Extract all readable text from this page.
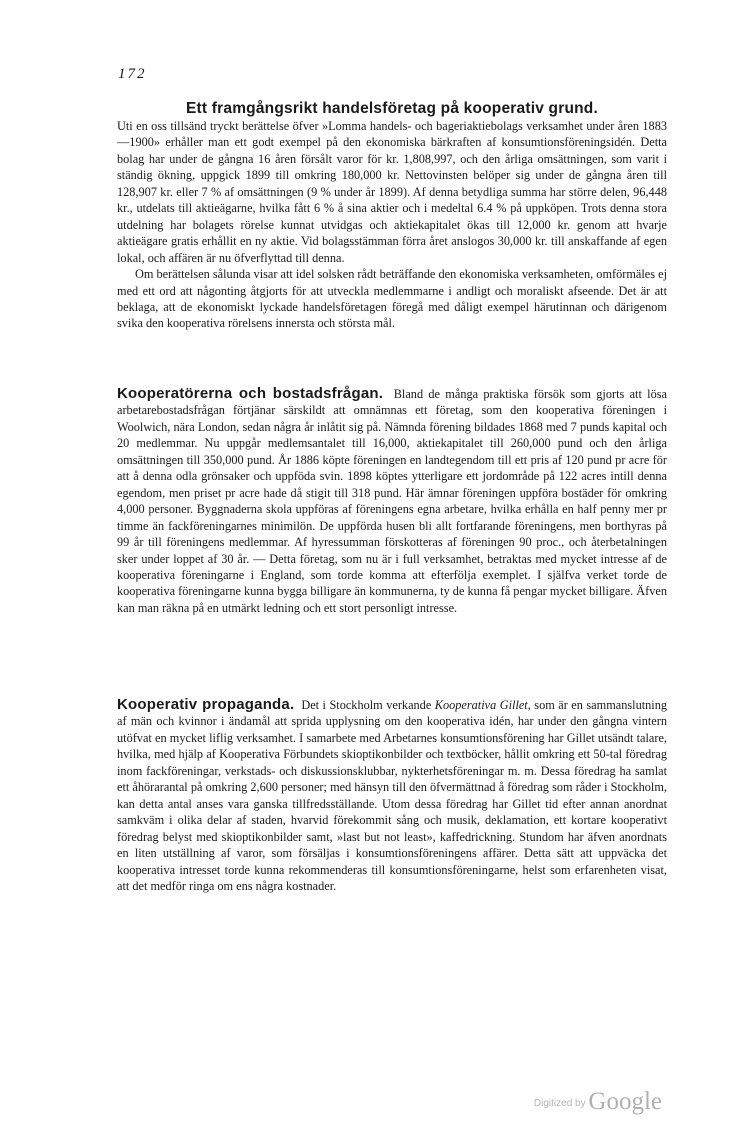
172
Ett framgångsrikt handelsföretag på kooperativ grund.

Uti en oss tillsänd tryckt berättelse öfver »Lomma handels- och bageriaktiebolags verksamhet under åren 1883—1900» erhåller man ett godt exempel på den ekonomiska bärkraften af konsumtionsföreningsidén. Detta bolag har under de gångna 16 åren försålt varor för kr. 1,808,997, och den årliga omsättningen, som varit i ständig ökning, uppgick 1899 till omkring 180,000 kr. Nettovinsten belöper sig under de gångna åren till 128,907 kr. eller 7 % af omsättningen (9 % under år 1899). Af denna betydliga summa har större delen, 96,448 kr., utdelats till aktieägarne, hvilka fått 6 % å sina aktier och i medeltal 6.4 % på uppköpen. Trots denna stora utdelning har bolagets rörelse kunnat utvidgas och aktiekapitalet ökas till 12,000 kr. genom att hvarje aktieägare gratis erhållit en ny aktie. Vid bolagsstämman förra året anslogos 30,000 kr. till anskaffande af egen lokal, och affären är nu öfverflyttad till denna.

Om berättelsen sålunda visar att idel solsken rådt beträffande den ekonomiska verksamheten, omförmäles ej med ett ord att någonting åtgjorts för att utveckla medlemmarne i andligt och moraliskt afseende. Det är att beklaga, att de ekonomiskt lyckade handelsföretagen föregå med dåligt exempel härutinnan och därigenom svika den kooperativa rörelsens innersta och största mål.

Kooperatörerna och bostadsfrågan. Bland de många praktiska försök som gjorts att lösa arbetarebostadsfrågan förtjänar särskildt att omnämnas ett företag, som den kooperativa föreningen i Woolwich, nära London, sedan några år inlåtit sig på. Nämnda förening bildades 1868 med 7 punds kapital och 20 medlemmar. Nu uppgår medlemsantalet till 16,000, aktiekapitalet till 260,000 pund och den årliga omsättningen till 350,000 pund. År 1886 köpte föreningen en landtegendom till ett pris af 120 pund pr acre för att å denna odla grönsaker och uppföda svin. 1898 köptes ytterligare ett jordområde på 122 acres intill denna egendom, men priset pr acre hade då stigit till 318 pund. Här ämnar föreningen uppföra bostäder för omkring 4,000 personer. Byggnaderna skola uppföras af föreningens egna arbetare, hvilka erhålla en half penny mer pr timme än fackföreningarnes minimilön. De uppförda husen bli allt fortfarande föreningens, men borthyras på 99 år till föreningens medlemmar. Af hyressumman förskotteras af föreningen 90 proc., och återbetalningen sker under loppet af 30 år. — Detta företag, som nu är i full verksamhet, betraktas med mycket intresse af de kooperativa föreningarne i England, som torde komma att efterfölja exemplet. I själfva verket torde de kooperativa föreningarne kunna bygga billigare än kommunerna, ty de kunna få pengar mycket billigare. Äfven kan man räkna på en utmärkt ledning och ett stort personligt intresse.

Kooperativ propaganda. Det i Stockholm verkande Kooperativa Gillet, som är en sammanslutning af män och kvinnor i ändamål att sprida upplysning om den kooperativa idén, har under den gångna vintern utöfvat en mycket liflig verksamhet. I samarbete med Arbetarnes konsumtionsförening har Gillet utsändt talare, hvilka, med hjälp af Kooperativa Förbundets skioptikonbilder och textböcker, hållit omkring ett 50-tal föredrag inom fackföreningar, verkstads- och diskussionsklubbar, nykterhetsföreningar m. m. Dessa föredrag ha samlat ett åhörarantal på omkring 2,600 personer; med hänsyn till den öfvermättnad å föredrag som råder i Stockholm, kan detta antal anses vara ganska tillfredsställande. Utom dessa föredrag har Gillet tid efter annan anordnat samkväm i olika delar af staden, hvarvid förekommit sång och musik, deklamation, ett kortare kooperativt föredrag belyst med skioptikonbilder samt, »last but not least», kaffedrickning. Stundom har äfven anordnats en liten utställning af varor, som försäljas i konsumtionsföreningens affärer. Detta sätt att uppväcka det kooperativa intresset torde kunna rekommenderas till konsumtionsföreningarne, helst som erfarenheten visat, att det medför ringa om ens några kostnader.

Digitized by Google
